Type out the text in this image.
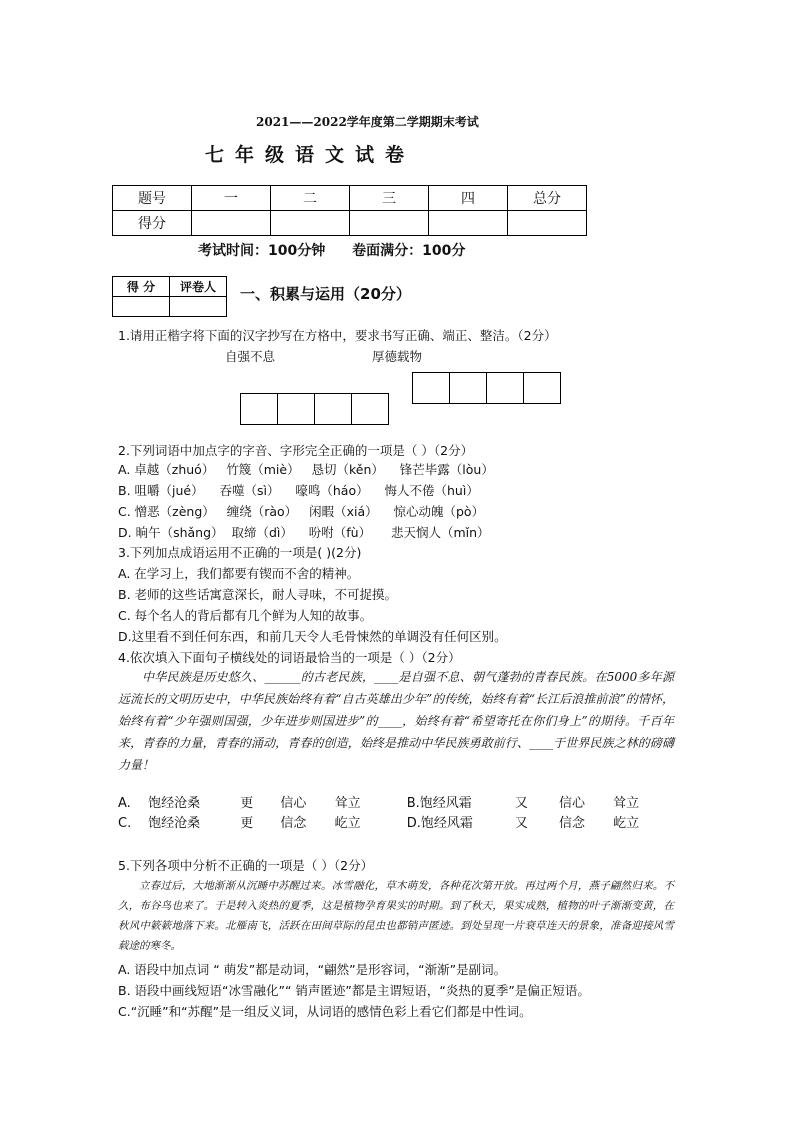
2021——2022学年度第二学期期末考试
七年级语文试卷
题号	一	二	三	四	总分
得分					
考试时间：100分钟 卷面满分：100分
得 分	评卷人
	一、积累与运用（20分）
1.请用正楷字将下面的汉字抄写在方格中，要求书写正确、端正、整洁。（2分）
自强不息	厚德载物
2.下列词语中加点字的字音、字形完全正确的一项是（ ）（2分）
A. 卓越（zhuó）   竹篾（miè）   恳切（kěn）    锋芒毕露（lòu）
B. 咀嚼（jué）    吞噬（sì）    嚎鸣（háo）    悔人不倦（huì）
C. 憎恶（zèng）   缠绕（rào）   闲暇（xiá）    惊心动魄（pò）
D. 晌午（shǎng）  取缔（dì）    吩咐（fù）     悲天悯人（mǐn）
3.下列加点成语运用不正确的一项是( )(2分)
A. 在学习上，我们都要有锲而不舍的精神。
B. 老师的这些话寓意深长，耐人寻味，不可捉摸。
C. 每个名人的背后都有几个鲜为人知的故事。
D.这里看不到任何东西，和前几天令人毛骨悚然的单调没有任何区别。
4.依次填入下面句子横线处的词语最恰当的一项是（ ）（2分）
中华民族是历史悠久、______的古老民族，____是自强不息、朝气蓬勃的青春民族。在5000多年源远流长的文明历史中，中华民族始终有着“自古英雄出少年”的传统，始终有着“长江后浪推前浪”的情怀，始终有着“少年强则国强，少年进步则国进步”的____，始终有着“希望寄托在你们身上”的期待。千百年来，青春的力量，青春的涌动，青春的创造，始终是推动中华民族勇敢前行、____于世界民族之林的磅礴力量！
A. 饱经沧桑	更 信心 耸立	B.饱经风霜	又 信心 耸立
C. 饱经沧桑	更 信念 屹立	D.饱经风霜	又 信念 屹立
5.下列各项中分析不正确的一项是（ ）（2分）
立春过后，大地渐渐从沉睡中苏醒过来。冰雪融化，草木萌发，各种花次第开放。再过两个月，燕子翩然归来。不久，布谷鸟也来了。于是转入炎热的夏季，这是植物孕育果实的时期。到了秋天，果实成熟，植物的叶子渐渐变黄，在秋风中簌簌地落下来。北雁南飞，活跃在田间草际的昆虫也都销声匿迹。到处呈现一片衰草连天的景象，准备迎接风雪载途的寒冬。
A. 语段中加点词 “ 萌发”都是动词，“翩然”是形容词，“渐渐”是副词。
B. 语段中画线短语“冰雪融化”“ 销声匿迹”都是主谓短语，“炎热的夏季”是偏正短语。
C.“沉睡”和“苏醒”是一组反义词，从词语的感情色彩上看它们都是中性词。
